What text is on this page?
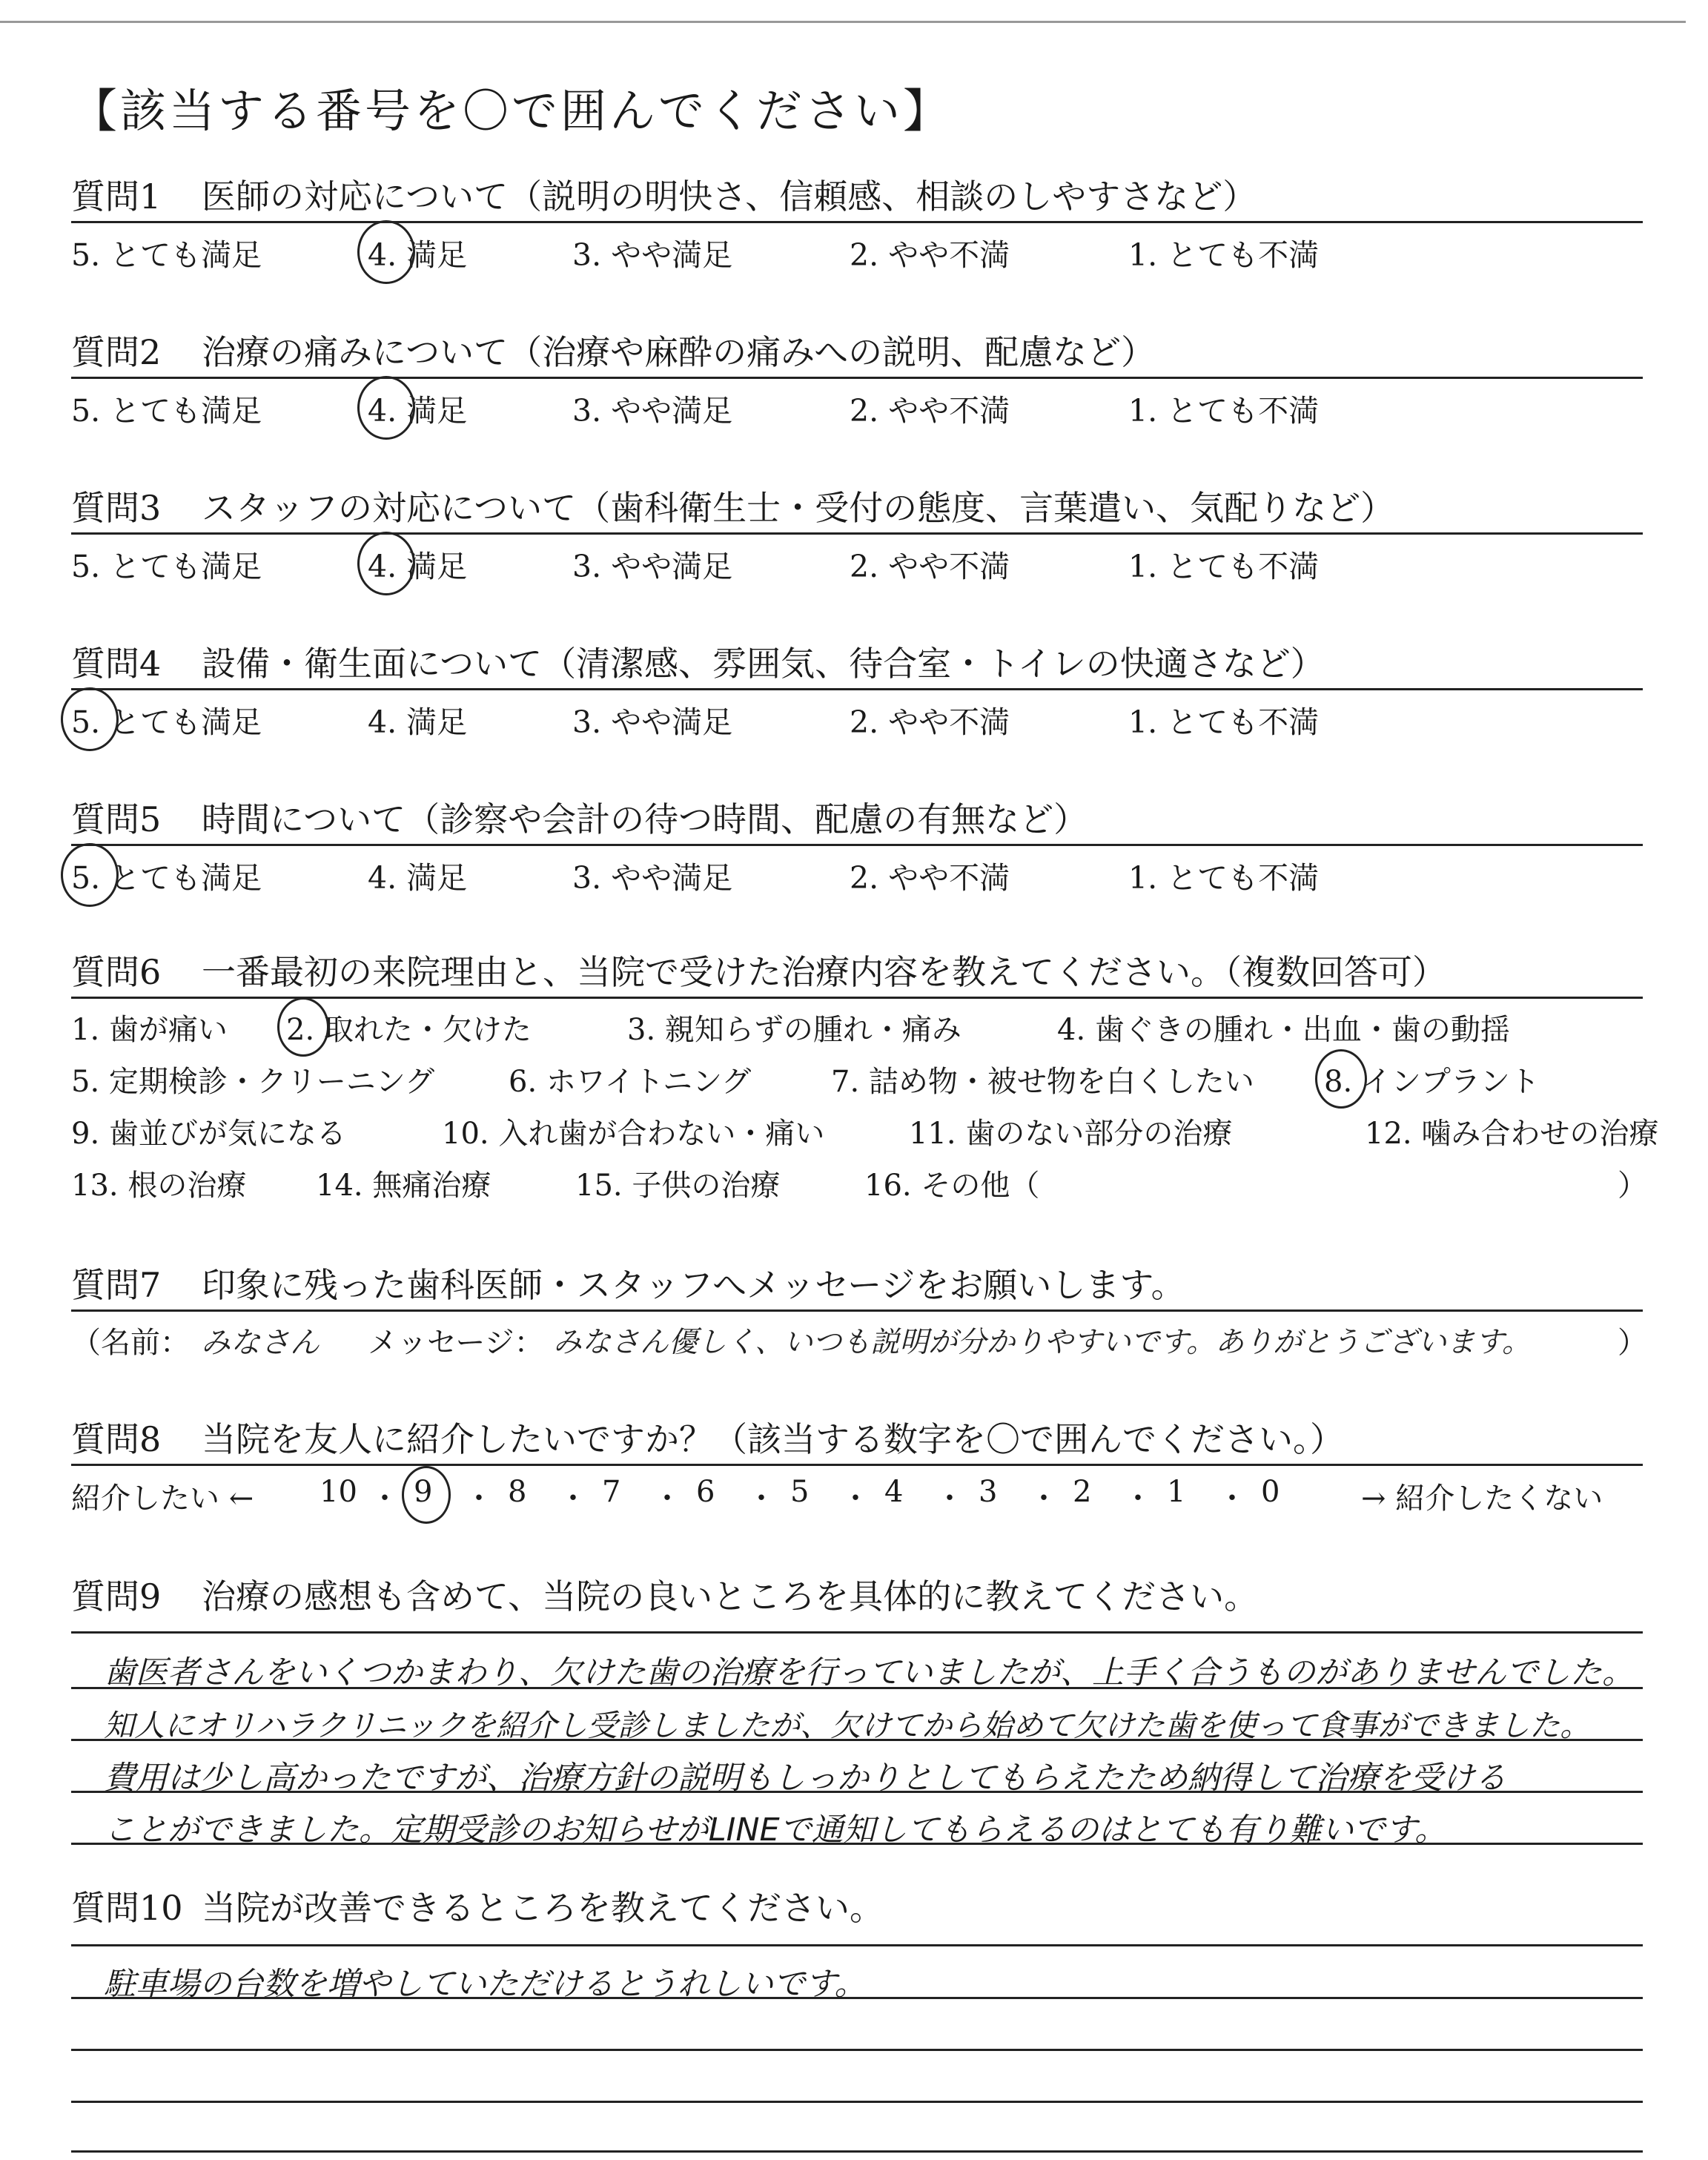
【該当する番号を〇で囲んでください】
質問1 医師の対応について（説明の明快さ、信頼感、相談のしやすさなど）
5. とても満足	4. 満足	3. やや満足	2. やや不満	1. とても不満
質問2 治療の痛みについて（治療や麻酔の痛みへの説明、配慮など）
5. とても満足	4. 満足	3. やや満足	2. やや不満	1. とても不満
質問3 スタッフの対応について（歯科衛生士・受付の態度、言葉遣い、気配りなど）
5. とても満足	4. 満足	3. やや満足	2. やや不満	1. とても不満
質問4 設備・衛生面について（清潔感、雰囲気、待合室・トイレの快適さなど）
5. とても満足	4. 満足	3. やや満足	2. やや不満	1. とても不満
質問5 時間について（診察や会計の待つ時間、配慮の有無など）
5. とても満足	4. 満足	3. やや満足	2. やや不満	1. とても不満
質問6 一番最初の来院理由と、当院で受けた治療内容を教えてください。（複数回答可）
1. 歯が痛い 2. 取れた・欠けた	3. 親知らずの腫れ・痛み	4. 歯ぐきの腫れ・出血・歯の動揺
5. 定期検診・クリーニング 6. ホワイトニング	7. 詰め物・被せ物を白くしたい 8. インプラント
9. 歯並びが気になる	10. 入れ歯が合わない・痛い	11. 歯のない部分の治療	12. 噛み合わせの治療
13. 根の治療 14. 無痛治療	15. 子供の治療	16. その他（	）
質問7 印象に残った歯科医師・スタッフへメッセージをお願いします。
（名前： みなさん メッセージ： みなさん優しく、いつも説明が分かりやすいです。ありがとうございます。	）
質問8 当院を友人に紹介したいですか？（該当する数字を〇で囲んでください。）
紹介したい ←	→ 紹介したくない
10 ・ 9 ・ 8 ・ 7 ・ 6 ・ 5 ・ 4 ・ 3 ・ 2 ・ 1 ・ 0
質問9 治療の感想も含めて、当院の良いところを具体的に教えてください。
歯医者さんをいくつかまわり、欠けた歯の治療を行っていましたが、上手く合うものがありませんでした。
知人にオリハラクリニックを紹介し受診しましたが、欠けてから始めて欠けた歯を使って食事ができました。
費用は少し高かったですが、治療方針の説明もしっかりとしてもらえたため納得して治療を受ける
ことができました。定期受診のお知らせがLINEで通知してもらえるのはとても有り難いです。
質問10 当院が改善できるところを教えてください。
駐車場の台数を増やしていただけるとうれしいです。
